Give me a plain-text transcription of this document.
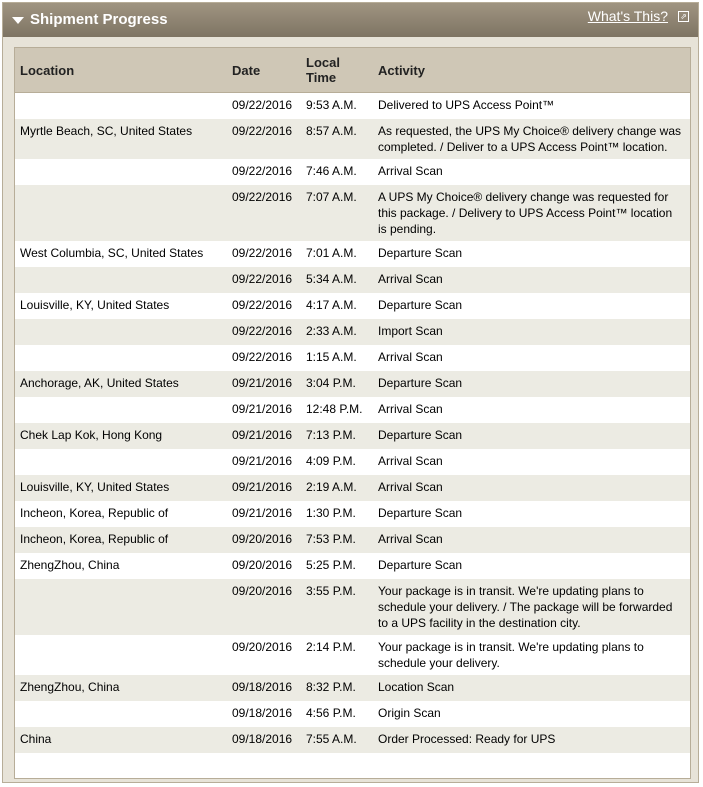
Shipment Progress	What's This? ⇗
Location	Date	Local Time	Activity
	09/22/2016	9:53 A.M.	Delivered to UPS Access Point™
Myrtle Beach, SC, United States	09/22/2016	8:57 A.M.	As requested, the UPS My Choice® delivery change was completed. / Deliver to a UPS Access Point™ location.
	09/22/2016	7:46 A.M.	Arrival Scan
	09/22/2016	7:07 A.M.	A UPS My Choice® delivery change was requested for this package. / Delivery to UPS Access Point™ location is pending.
West Columbia, SC, United States	09/22/2016	7:01 A.M.	Departure Scan
	09/22/2016	5:34 A.M.	Arrival Scan
Louisville, KY, United States	09/22/2016	4:17 A.M.	Departure Scan
	09/22/2016	2:33 A.M.	Import Scan
	09/22/2016	1:15 A.M.	Arrival Scan
Anchorage, AK, United States	09/21/2016	3:04 P.M.	Departure Scan
	09/21/2016	12:48 P.M.	Arrival Scan
Chek Lap Kok, Hong Kong	09/21/2016	7:13 P.M.	Departure Scan
	09/21/2016	4:09 P.M.	Arrival Scan
Louisville, KY, United States	09/21/2016	2:19 A.M.	Arrival Scan
Incheon, Korea, Republic of	09/21/2016	1:30 P.M.	Departure Scan
Incheon, Korea, Republic of	09/20/2016	7:53 P.M.	Arrival Scan
ZhengZhou, China	09/20/2016	5:25 P.M.	Departure Scan
	09/20/2016	3:55 P.M.	Your package is in transit. We're updating plans to schedule your delivery. / The package will be forwarded to a UPS facility in the destination city.
	09/20/2016	2:14 P.M.	Your package is in transit. We're updating plans to schedule your delivery.
ZhengZhou, China	09/18/2016	8:32 P.M.	Location Scan
	09/18/2016	4:56 P.M.	Origin Scan
China	09/18/2016	7:55 A.M.	Order Processed: Ready for UPS
